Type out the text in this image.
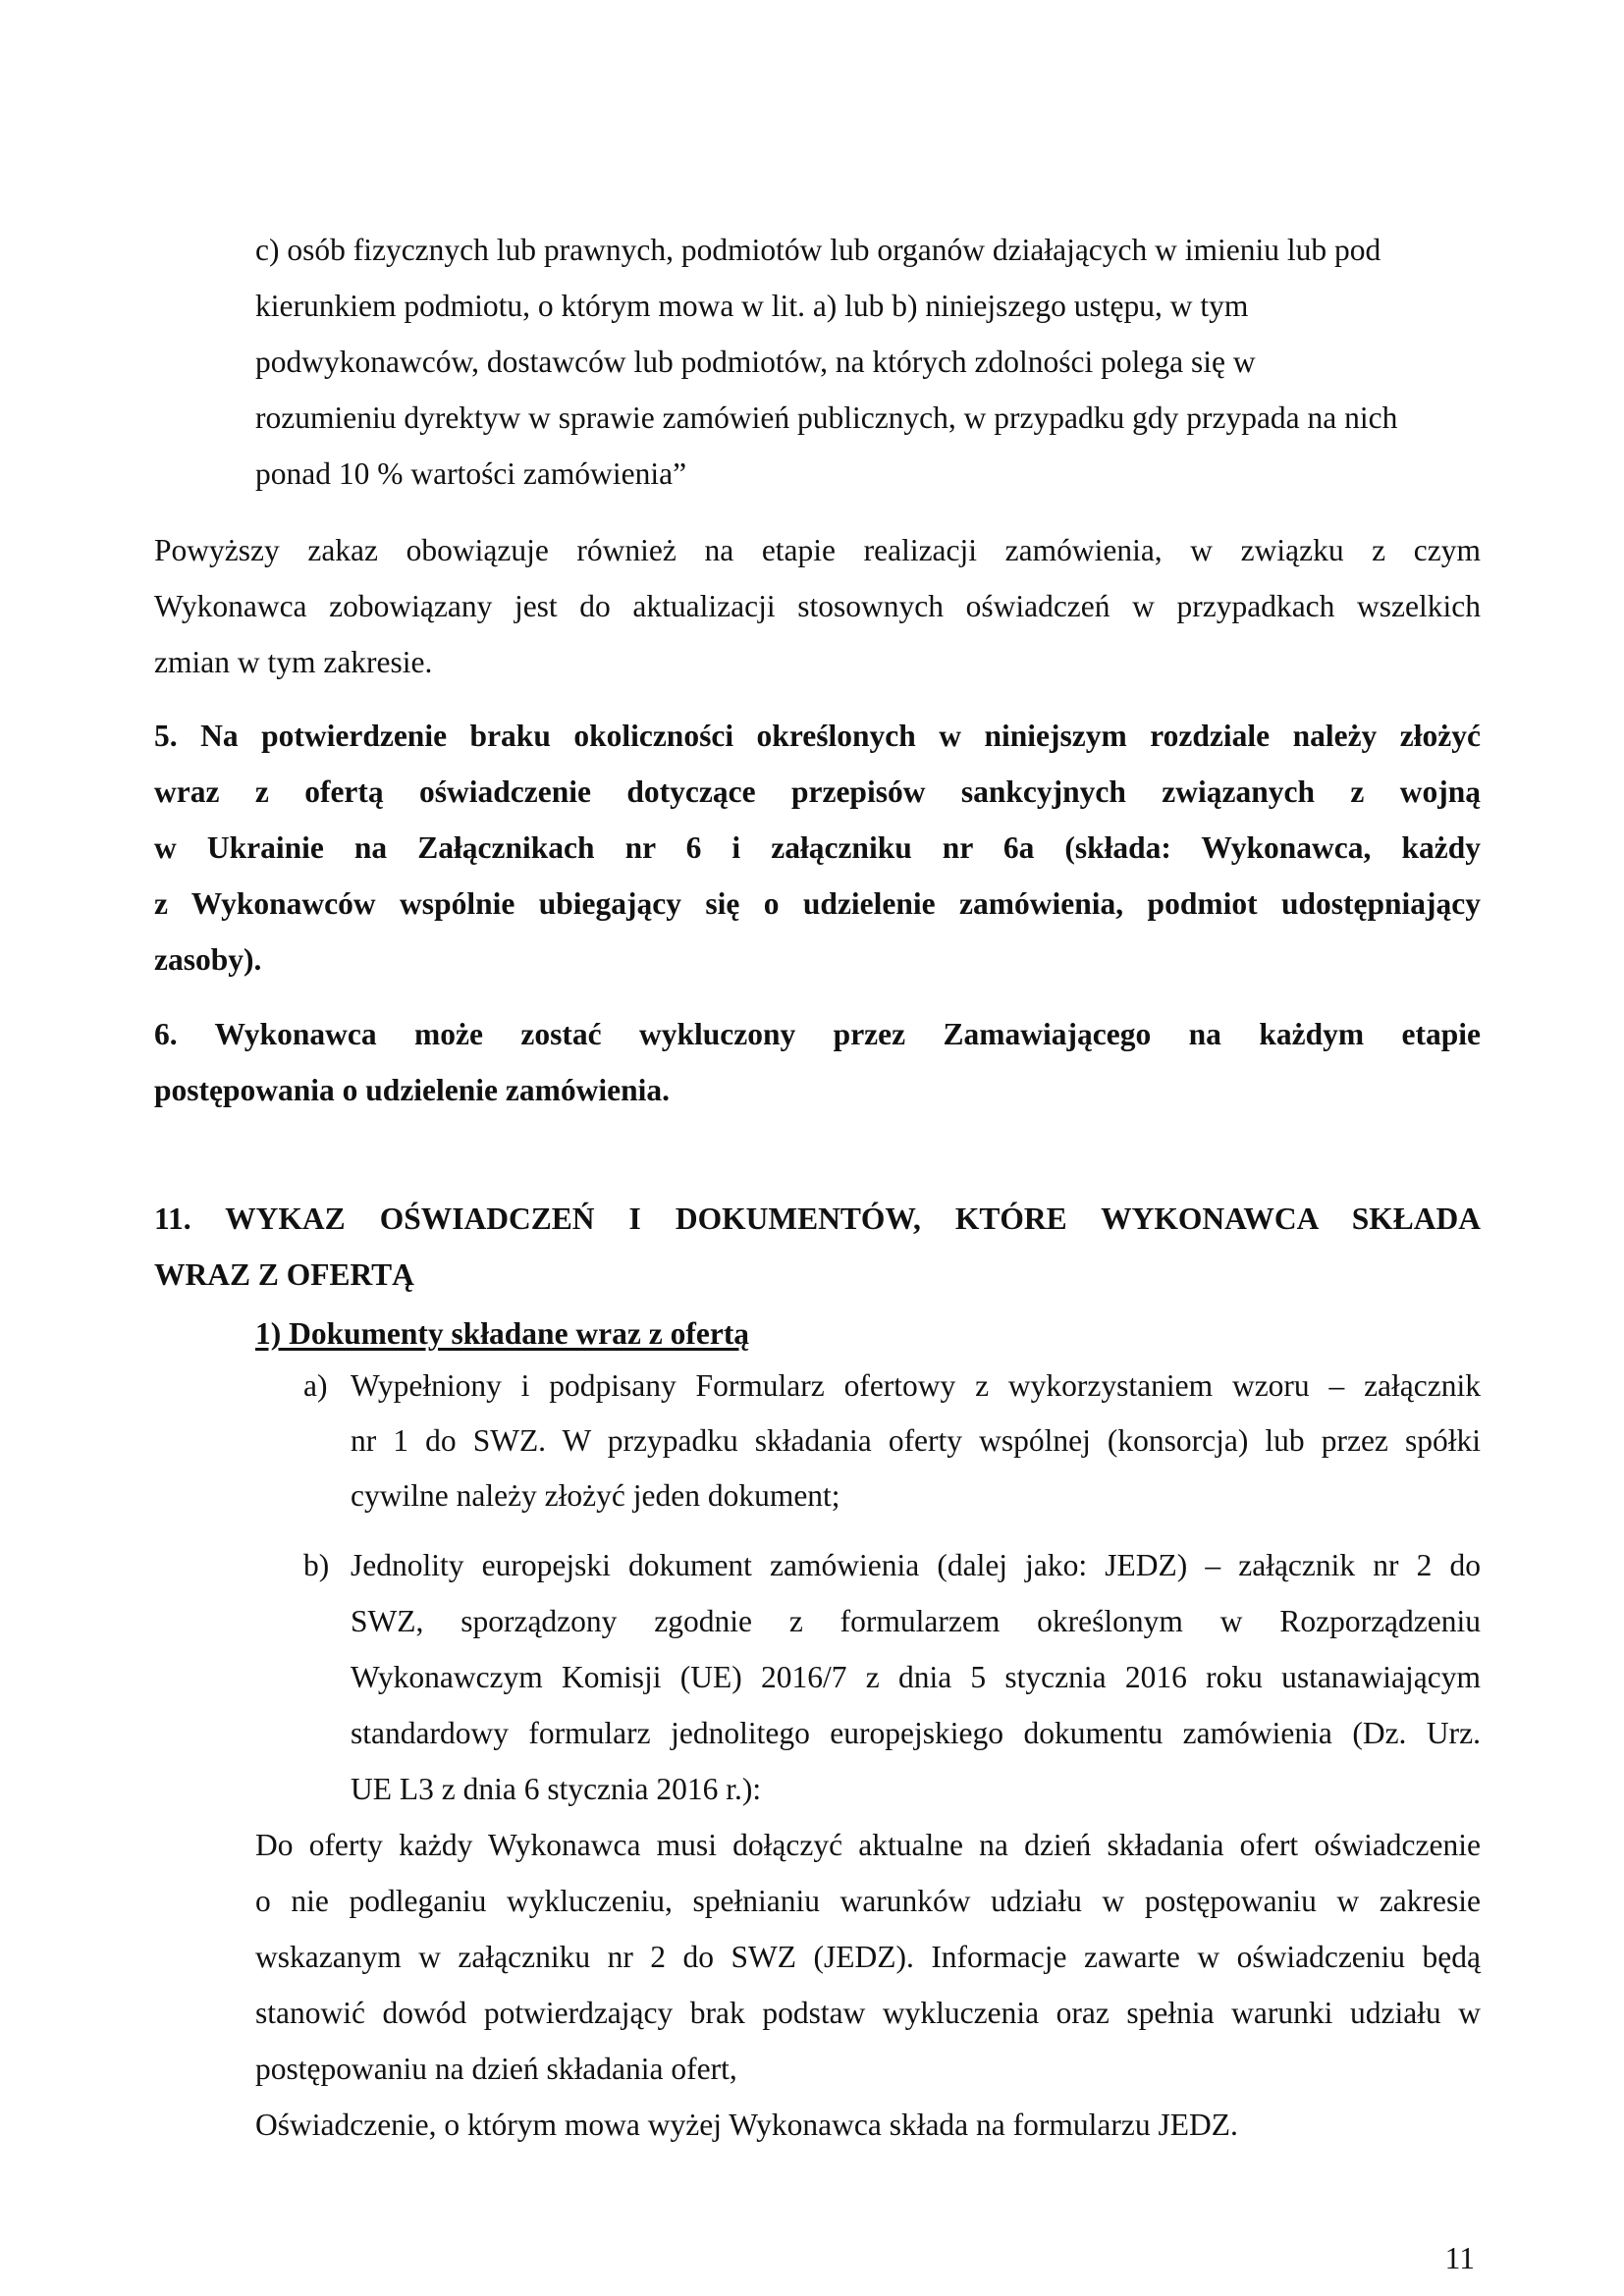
c) osób fizycznych lub prawnych, podmiotów lub organów działających w imieniu lub pod
kierunkiem podmiotu, o którym mowa w lit. a) lub b) niniejszego ustępu, w tym
podwykonawców, dostawców lub podmiotów, na których zdolności polega się w
rozumieniu dyrektyw w sprawie zamówień publicznych, w przypadku gdy przypada na nich
ponad 10 % wartości zamówienia”
Powyższy zakaz obowiązuje również na etapie realizacji zamówienia, w związku z czym
Wykonawca zobowiązany jest do aktualizacji stosownych oświadczeń w przypadkach wszelkich
zmian w tym zakresie.
5. Na potwierdzenie braku okoliczności określonych w niniejszym rozdziale należy złożyć
wraz z ofertą oświadczenie dotyczące przepisów sankcyjnych związanych z wojną
w Ukrainie na Załącznikach nr 6 i załączniku nr 6a (składa: Wykonawca, każdy
z Wykonawców wspólnie ubiegający się o udzielenie zamówienia, podmiot udostępniający
zasoby).
6. Wykonawca może zostać wykluczony przez Zamawiającego na każdym etapie
postępowania o udzielenie zamówienia.
11. WYKAZ OŚWIADCZEŃ I DOKUMENTÓW, KTÓRE WYKONAWCA SKŁADA
WRAZ Z OFERTĄ
1) Dokumenty składane wraz z ofertą
a) Wypełniony i podpisany Formularz ofertowy z wykorzystaniem wzoru – załącznik
nr 1 do SWZ. W przypadku składania oferty wspólnej (konsorcja) lub przez spółki
cywilne należy złożyć jeden dokument;
b) Jednolity europejski dokument zamówienia (dalej jako: JEDZ) – załącznik nr 2 do
SWZ, sporządzony zgodnie z formularzem określonym w Rozporządzeniu
Wykonawczym Komisji (UE) 2016/7 z dnia 5 stycznia 2016 roku ustanawiającym
standardowy formularz jednolitego europejskiego dokumentu zamówienia (Dz. Urz.
UE L3 z dnia 6 stycznia 2016 r.):
Do oferty każdy Wykonawca musi dołączyć aktualne na dzień składania ofert oświadczenie
o nie podleganiu wykluczeniu, spełnianiu warunków udziału w postępowaniu w zakresie
wskazanym w załączniku nr 2 do SWZ (JEDZ). Informacje zawarte w oświadczeniu będą
stanowić dowód potwierdzający brak podstaw wykluczenia oraz spełnia warunki udziału w
postępowaniu na dzień składania ofert,
Oświadczenie, o którym mowa wyżej Wykonawca składa na formularzu JEDZ.
11
